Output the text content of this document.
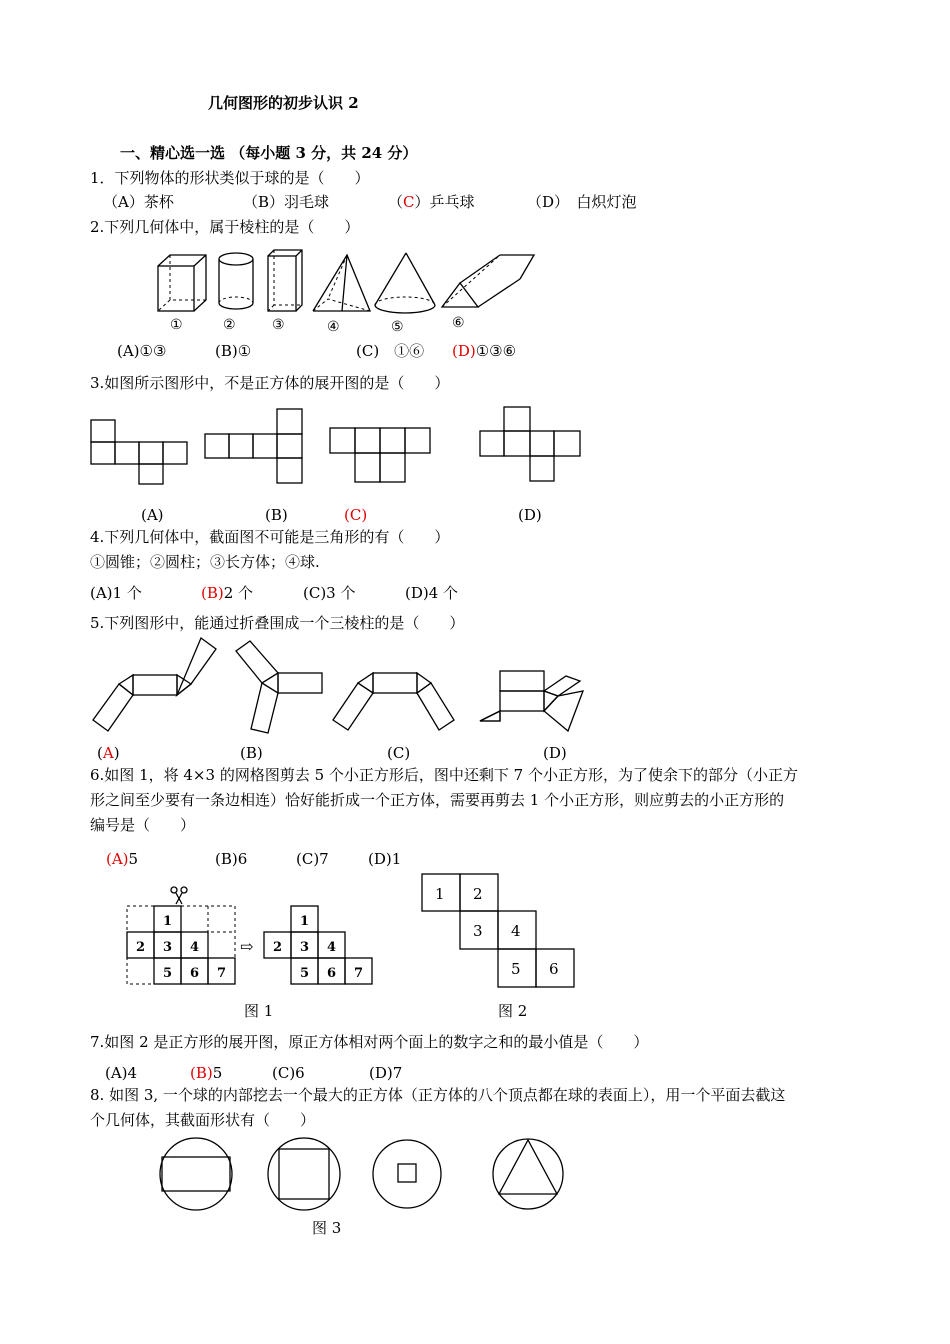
几何图形的初步认识 2
一、精心选一选 （每小题 3 分，共 24 分）
1．下列物体的形状类似于球的是（　　）
（A）茶杯	（B）羽毛球	（C）乒乓球	（D）　白炽灯泡
2.下列几何体中，属于棱柱的是（　　）
①	②	③	④	⑤	⑥
(A)①③	(B)①	(C)　①⑥ (D)①③⑥
3.如图所示图形中，不是正方体的展开图的是（　　）
(A)	(B)	(C)	(D)
4.下列几何体中，截面图不可能是三角形的有（　　）
①圆锥；②圆柱；③长方体；④球.
(A)1 个	(B)2 个	(C)3 个	(D)4 个
5.下列图形中，能通过折叠围成一个三棱柱的是（　　）
(A)	(B)	(C)	(D)
6.如图 1，将 4×3 的网格图剪去 5 个小正方形后，图中还剩下 7 个小正方形，为了使余下的部分（小正方
形之间至少要有一条边相连）恰好能折成一个正方体，需要再剪去 1 个小正方形，则应剪去的小正方形的
编号是（　　）
(A)5	(B)6	(C)7	(D)1
1
2 3 4
5 6 7
⇨
1
2 3 4
5 6 7
1 2
3 4
5 6
图 1	图 2
7.如图 2 是正方形的展开图，原正方体相对两个面上的数字之和的最小值是（　　）
(A)4	(B)5	(C)6	(D)7
8. 如图 3, 一个球的内部挖去一个最大的正方体（正方体的八个顶点都在球的表面上），用一个平面去截这
个几何体，其截面形状有（　　）
图 3
